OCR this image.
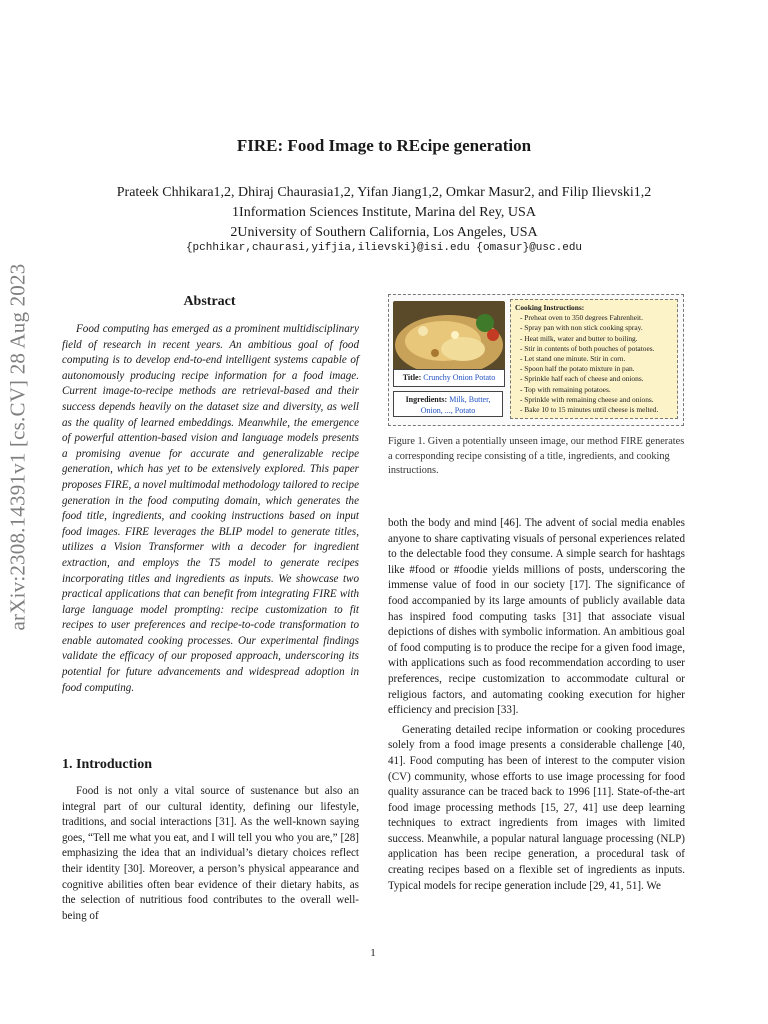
arXiv:2308.14391v1 [cs.CV] 28 Aug 2023
FIRE: Food Image to REcipe generation
Prateek Chhikara1,2, Dhiraj Chaurasia1,2, Yifan Jiang1,2, Omkar Masur2, and Filip Ilievski1,2
1Information Sciences Institute, Marina del Rey, USA
2University of Southern California, Los Angeles, USA
{pchhikar,chaurasi,yifjia,ilievski}@isi.edu {omasur}@usc.edu
Abstract
Food computing has emerged as a prominent multidisciplinary field of research in recent years. An ambitious goal of food computing is to develop end-to-end intelligent systems capable of autonomously producing recipe information for a food image. Current image-to-recipe methods are retrieval-based and their success depends heavily on the dataset size and diversity, as well as the quality of learned embeddings. Meanwhile, the emergence of powerful attention-based vision and language models presents a promising avenue for accurate and generalizable recipe generation, which has yet to be extensively explored. This paper proposes FIRE, a novel multimodal methodology tailored to recipe generation in the food computing domain, which generates the food title, ingredients, and cooking instructions based on input food images. FIRE leverages the BLIP model to generate titles, utilizes a Vision Transformer with a decoder for ingredient extraction, and employs the T5 model to generate recipes incorporating titles and ingredients as inputs. We showcase two practical applications that can benefit from integrating FIRE with large language model prompting: recipe customization to fit recipes to user preferences and recipe-to-code transformation to enable automated cooking processes. Our experimental findings validate the efficacy of our proposed approach, underscoring its potential for future advancements and widespread adoption in food computing.
Title: Crunchy Onion Potato
Ingredients: Milk, Butter, Onion, ..., Potato
Cooking Instructions:
- Preheat oven to 350 degrees Fahrenheit.
- Spray pan with non stick cooking spray.
- Heat milk, water and butter to boiling.
- Stir in contents of both pouches of potatoes.
- Let stand one minute. Stir in corn.
- Spoon half the potato mixture in pan.
- Sprinkle half each of cheese and onions.
- Top with remaining potatoes.
- Sprinkle with remaining cheese and onions.
- Bake 10 to 15 minutes until cheese is melted.
Figure 1. Given a potentially unseen image, our method FIRE generates a corresponding recipe consisting of a title, ingredients, and cooking instructions.
1. Introduction
Food is not only a vital source of sustenance but also an integral part of our cultural identity, defining our lifestyle, traditions, and social interactions [31]. As the well-known saying goes, “Tell me what you eat, and I will tell you who you are,” [28] emphasizing the idea that an individual’s dietary choices reflect their identity [30]. Moreover, a person’s physical appearance and cognitive abilities often bear evidence of their dietary habits, as the selection of nutritious food contributes to the overall well-being of

both the body and mind [46]. The advent of social media enables anyone to share captivating visuals of personal experiences related to the delectable food they consume. A simple search for hashtags like #food or #foodie yields millions of posts, underscoring the immense value of food in our society [17]. The significance of food accompanied by its large amounts of publicly available data has inspired food computing tasks [31] that associate visual depictions of dishes with symbolic information. An ambitious goal of food computing is to produce the recipe for a given food image, with applications such as food recommendation according to user preferences, recipe customization to accommodate cultural or religious factors, and automating cooking execution for higher efficiency and precision [33].

Generating detailed recipe information or cooking procedures solely from a food image presents a considerable challenge [40, 41]. Food computing has been of interest to the computer vision (CV) community, whose efforts to use image processing for food quality assurance can be traced back to 1996 [11]. State-of-the-art food image processing methods [15, 27, 41] use deep learning techniques to extract ingredients from images with limited success. Meanwhile, a popular natural language processing (NLP) application has been recipe generation, a procedural task of creating recipes based on a flexible set of ingredients as inputs. Typical models for recipe generation include [29, 41, 51]. We

1
